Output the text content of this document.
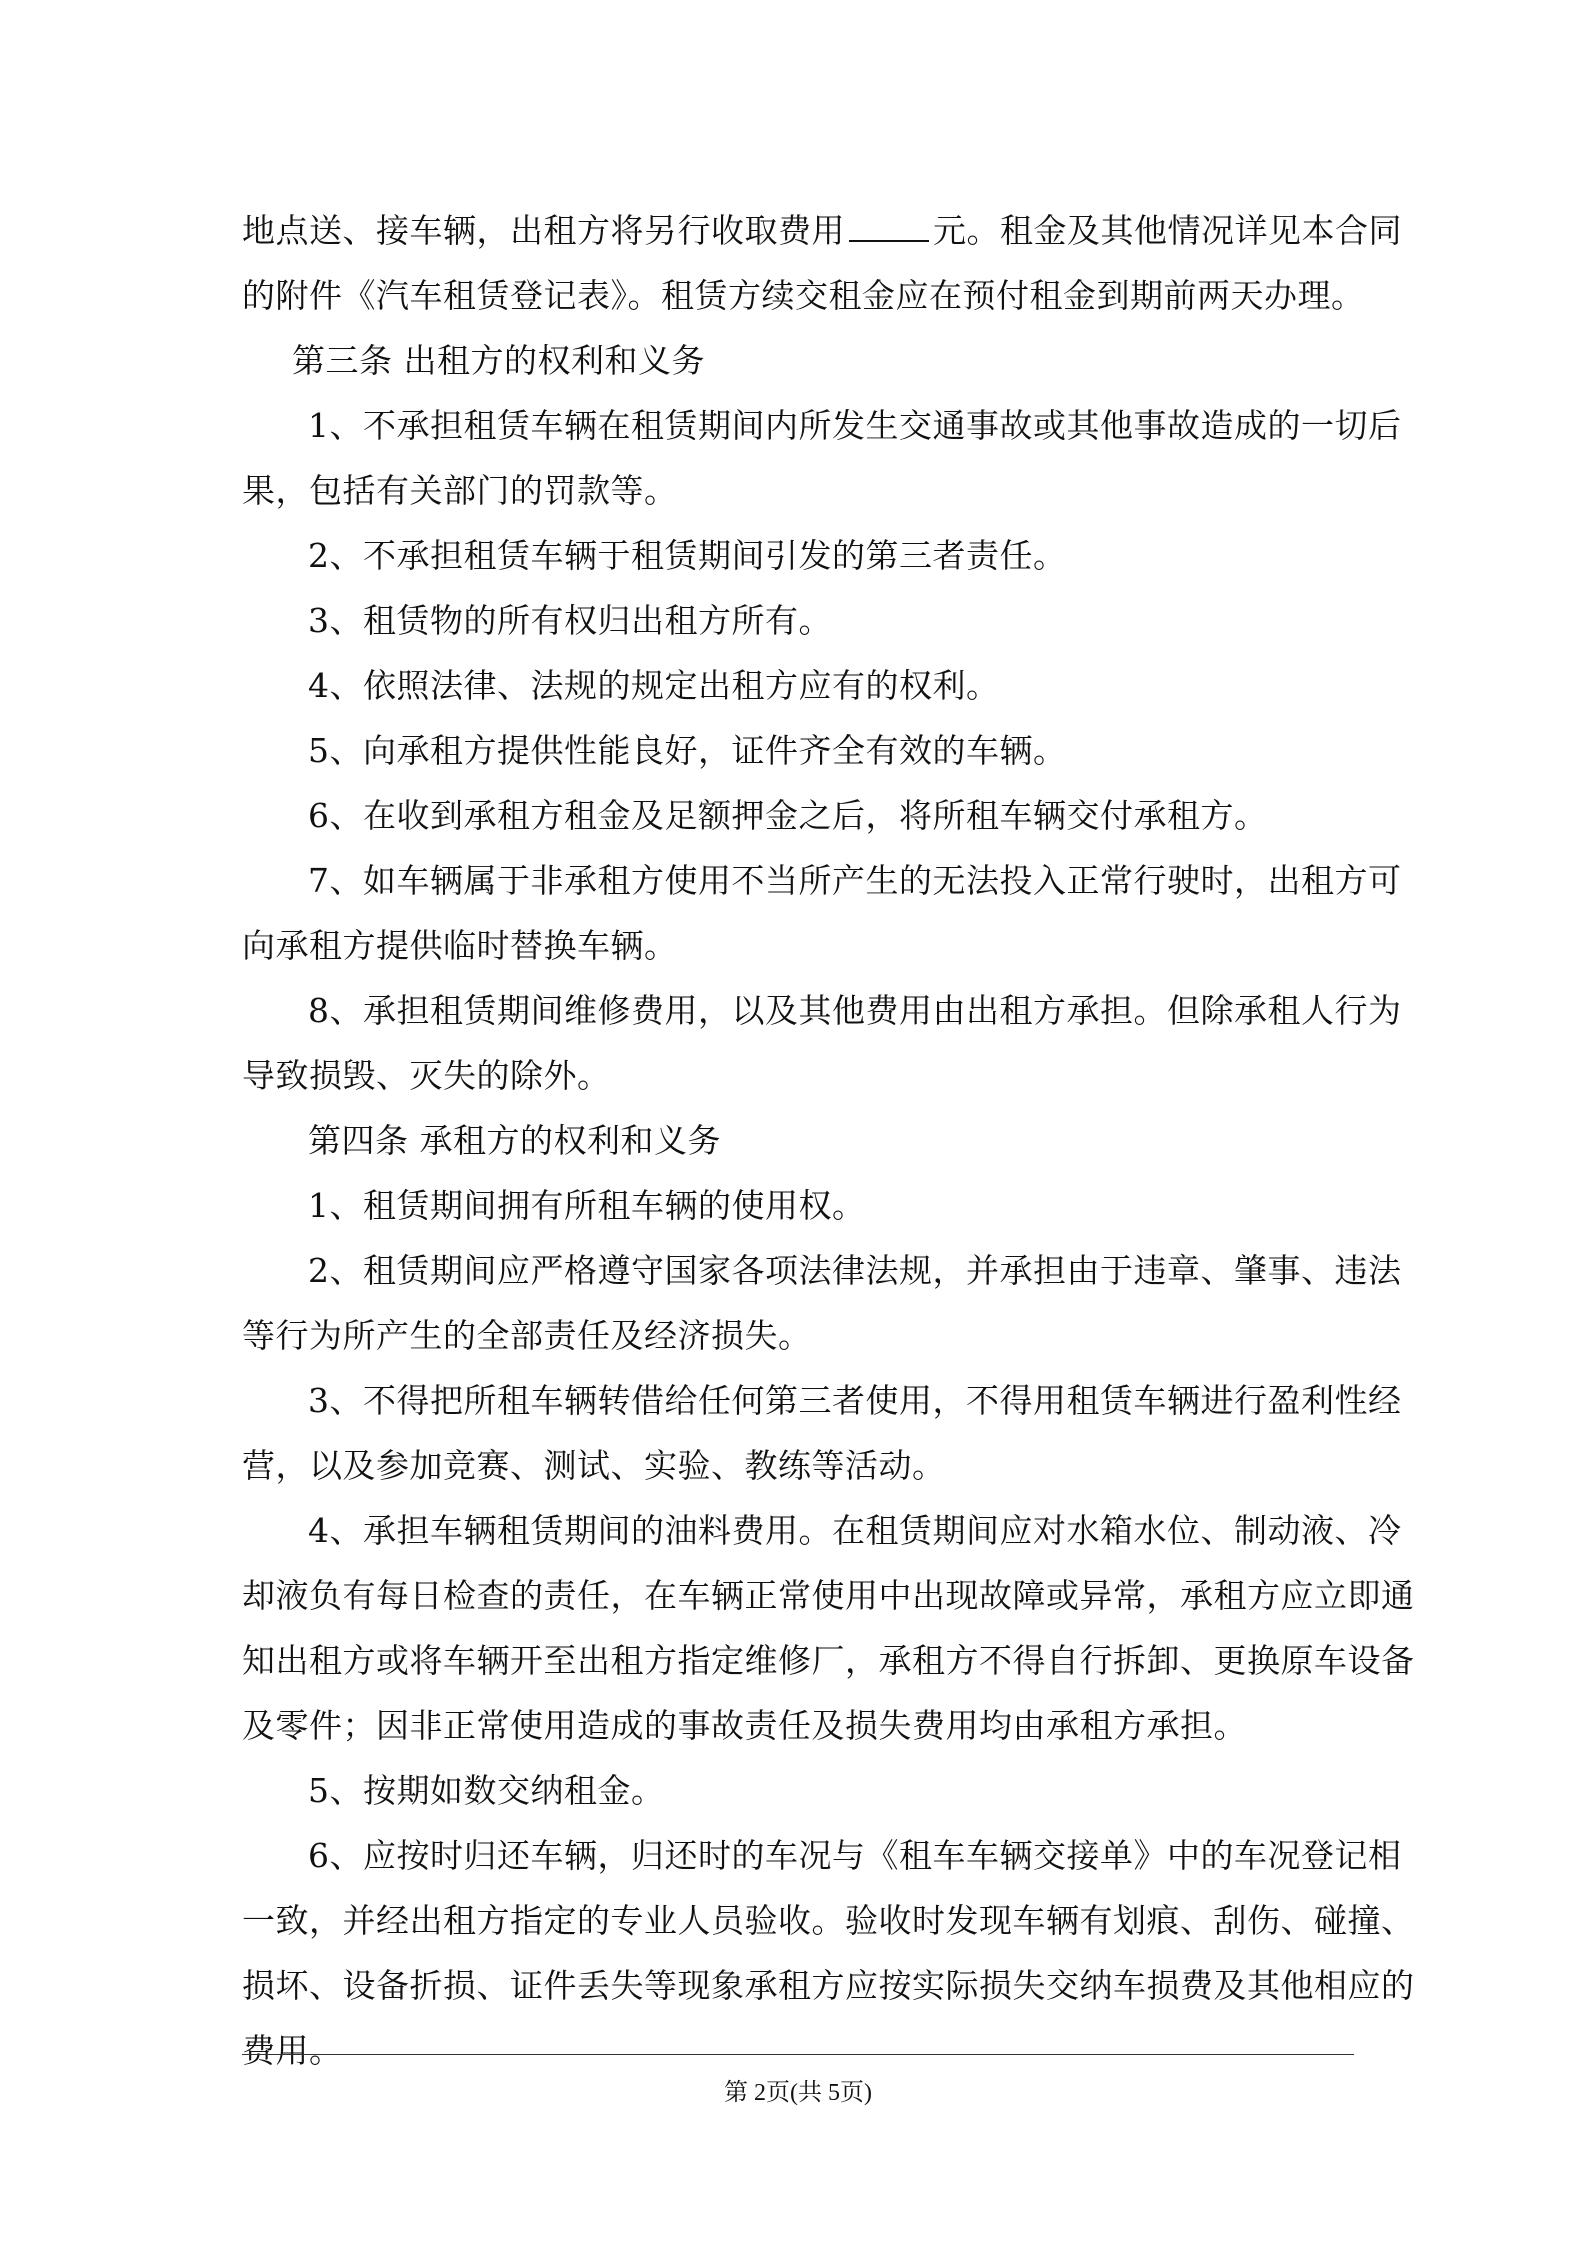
地点送、接车辆，出租方将另行收取费用	元。租金及其他情况详见本合同
的附件《汽车租赁登记表》。租赁方续交租金应在预付租金到期前两天办理。
第三条 出租方的权利和义务
1、不承担租赁车辆在租赁期间内所发生交通事故或其他事故造成的一切后
果，包括有关部门的罚款等。
2、不承担租赁车辆于租赁期间引发的第三者责任。
3、租赁物的所有权归出租方所有。
4、依照法律、法规的规定出租方应有的权利。
5、向承租方提供性能良好，证件齐全有效的车辆。
6、在收到承租方租金及足额押金之后，将所租车辆交付承租方。
7、如车辆属于非承租方使用不当所产生的无法投入正常行驶时，出租方可
向承租方提供临时替换车辆。
8、承担租赁期间维修费用，以及其他费用由出租方承担。但除承租人行为
导致损毁、灭失的除外。
第四条 承租方的权利和义务
1、租赁期间拥有所租车辆的使用权。
2、租赁期间应严格遵守国家各项法律法规，并承担由于违章、肇事、违法
等行为所产生的全部责任及经济损失。
3、不得把所租车辆转借给任何第三者使用，不得用租赁车辆进行盈利性经
营，以及参加竞赛、测试、实验、教练等活动。
4、承担车辆租赁期间的油料费用。在租赁期间应对水箱水位、制动液、冷
却液负有每日检查的责任，在车辆正常使用中出现故障或异常，承租方应立即通
知出租方或将车辆开至出租方指定维修厂，承租方不得自行拆卸、更换原车设备
及零件；因非正常使用造成的事故责任及损失费用均由承租方承担。
5、按期如数交纳租金。
6、应按时归还车辆，归还时的车况与《租车车辆交接单》中的车况登记相
一致，并经出租方指定的专业人员验收。验收时发现车辆有划痕、刮伤、碰撞、
损坏、设备折损、证件丢失等现象承租方应按实际损失交纳车损费及其他相应的
费用。
第 2页(共 5页)
